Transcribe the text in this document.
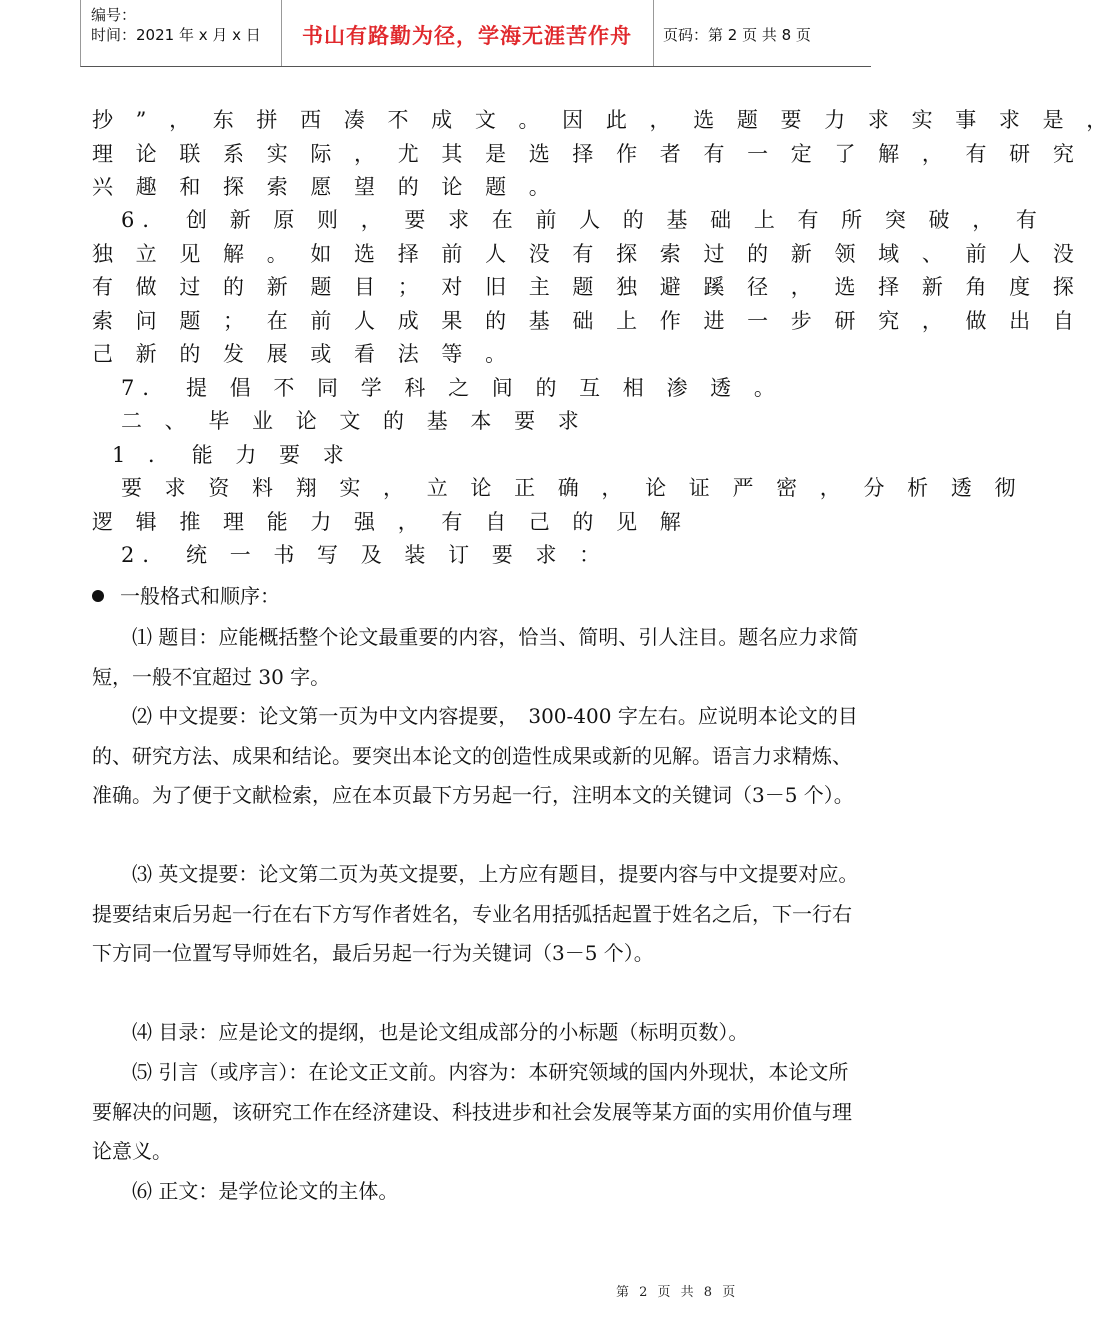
编号：
时间：2021 年 x 月 x 日	书山有路勤为径，学海无涯苦作舟	页码：第 2 页 共 8 页

抄 ” ， 东 拼 西 凑 不 成 文 。 因 此 ， 选 题 要 力 求 实 事 求 是 ，

理 论 联 系 实 际 ， 尤 其 是 选 择 作 者 有 一 定 了 解 ， 有 研 究

兴 趣 和 探 索 愿 望 的 论 题 。

　6． 创 新 原 则 ， 要 求 在 前 人 的 基 础 上 有 所 突 破 ， 有

独 立 见 解 。 如 选 择 前 人 没 有 探 索 过 的 新 领 域 、 前 人 没

有 做 过 的 新 题 目 ； 对 旧 主 题 独 避 蹊 径 ， 选 择 新 角 度 探

索 问 题 ； 在 前 人 成 果 的 基 础 上 作 进 一 步 研 究 ， 做 出 自

己 新 的 发 展 或 看 法 等 。

　7． 提 倡 不 同 学 科 之 间 的 互 相 渗 透 。

　二 、 毕 业 论 文 的 基 本 要 求

1 ． 能 力 要 求

　要 求 资 料 翔 实 ， 立 论 正 确 ， 论 证 严 密 ， 分 析 透 彻

逻 辑 推 理 能 力 强 ， 有 自 己 的 见 解

　2． 统 一 书 写 及 装 订 要 求 ：

一般格式和顺序：

⑴ 题目：应能概括整个论文最重要的内容，恰当、简明、引人注目。题名应力求简短，一般不宜超过 30 字。

⑵ 中文提要：论文第一页为中文内容提要，　300-400 字左右。应说明本论文的目的、研究方法、成果和结论。要突出本论文的创造性成果或新的见解。语言力求精炼、准确。为了便于文献检索，应在本页最下方另起一行，注明本文的关键词（3－5 个）。

⑶ 英文提要：论文第二页为英文提要，上方应有题目，提要内容与中文提要对应。提要结束后另起一行在右下方写作者姓名，专业名用括弧括起置于姓名之后，下一行右下方同一位置写导师姓名，最后另起一行为关键词（3－5 个）。

⑷ 目录：应是论文的提纲，也是论文组成部分的小标题（标明页数）。

⑸ 引言（或序言）：在论文正文前。内容为：本研究领域的国内外现状，本论文所要解决的问题，该研究工作在经济建设、科技进步和社会发展等某方面的实用价值与理论意义。

⑹ 正文：是学位论文的主体。

第 2 页 共 8 页
